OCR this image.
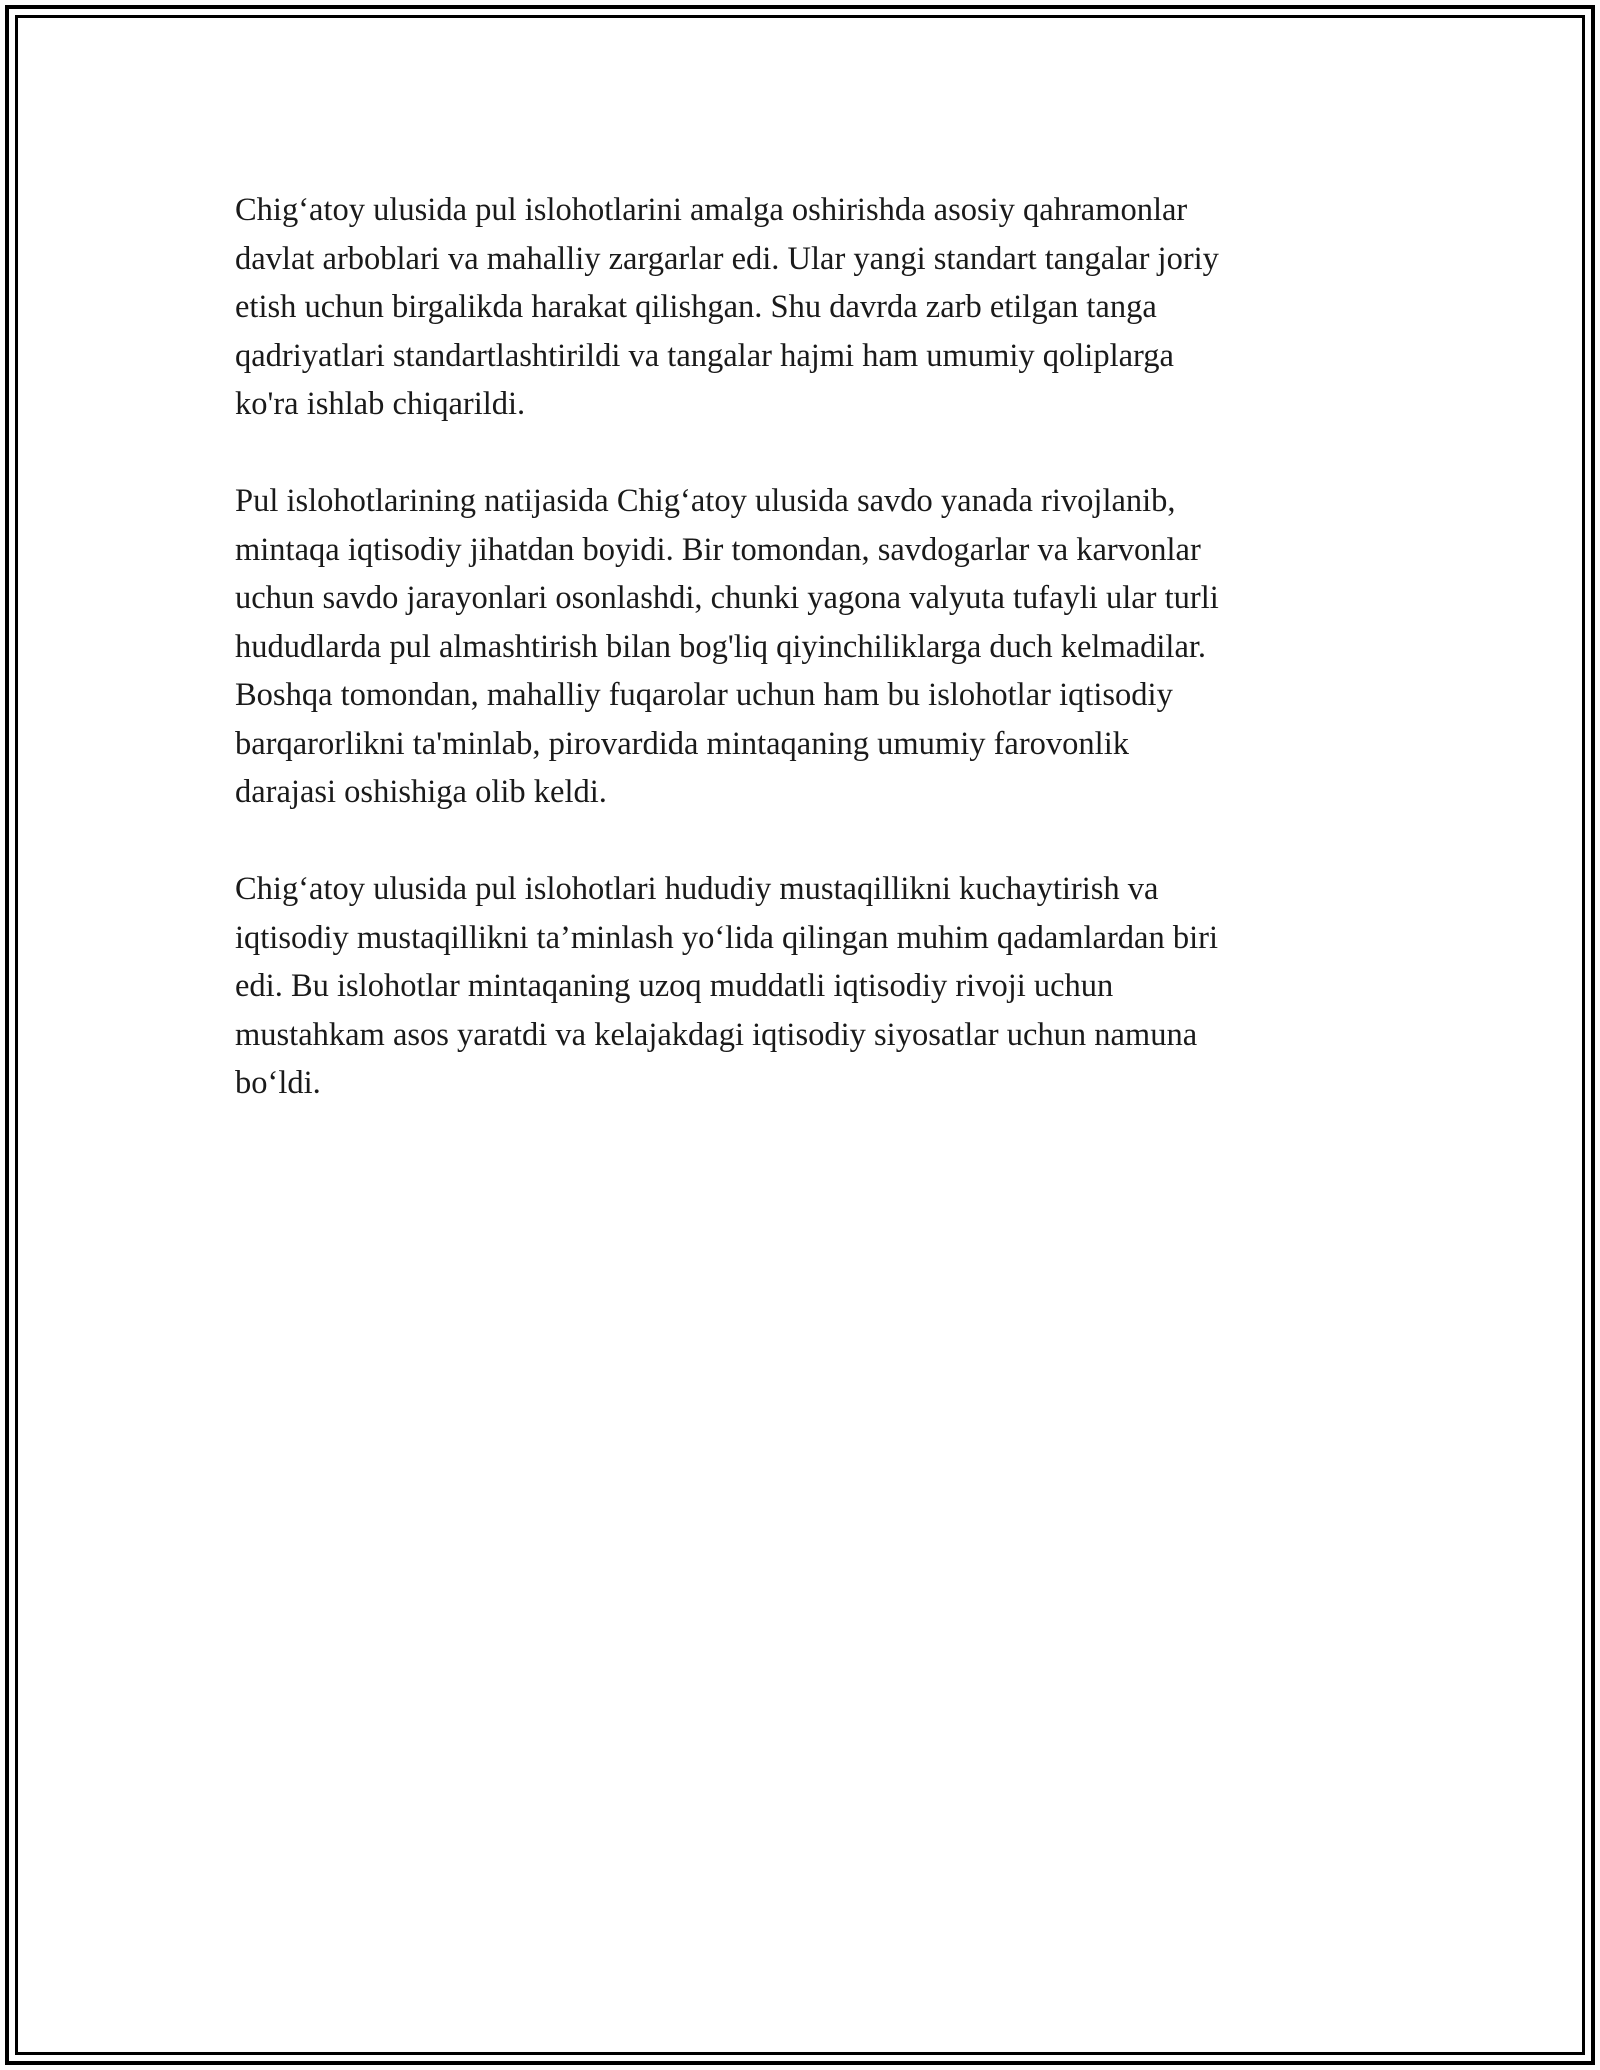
Chig‘atoy ulusida pul islohotlarini amalga oshirishda asosiy qahramonlar
davlat arboblari va mahalliy zargarlar edi. Ular yangi standart tangalar joriy
etish uchun birgalikda harakat qilishgan. Shu davrda zarb etilgan tanga
qadriyatlari standartlashtirildi va tangalar hajmi ham umumiy qoliplarga
ko'ra ishlab chiqarildi.

Pul islohotlarining natijasida Chig‘atoy ulusida savdo yanada rivojlanib,
mintaqa iqtisodiy jihatdan boyidi. Bir tomondan, savdogarlar va karvonlar
uchun savdo jarayonlari osonlashdi, chunki yagona valyuta tufayli ular turli
hududlarda pul almashtirish bilan bog'liq qiyinchiliklarga duch kelmadilar.
Boshqa tomondan, mahalliy fuqarolar uchun ham bu islohotlar iqtisodiy
barqarorlikni ta'minlab, pirovardida mintaqaning umumiy farovonlik
darajasi oshishiga olib keldi.

Chig‘atoy ulusida pul islohotlari hududiy mustaqillikni kuchaytirish va
iqtisodiy mustaqillikni ta’minlash yo‘lida qilingan muhim qadamlardan biri
edi. Bu islohotlar mintaqaning uzoq muddatli iqtisodiy rivoji uchun
mustahkam asos yaratdi va kelajakdagi iqtisodiy siyosatlar uchun namuna
bo‘ldi.
